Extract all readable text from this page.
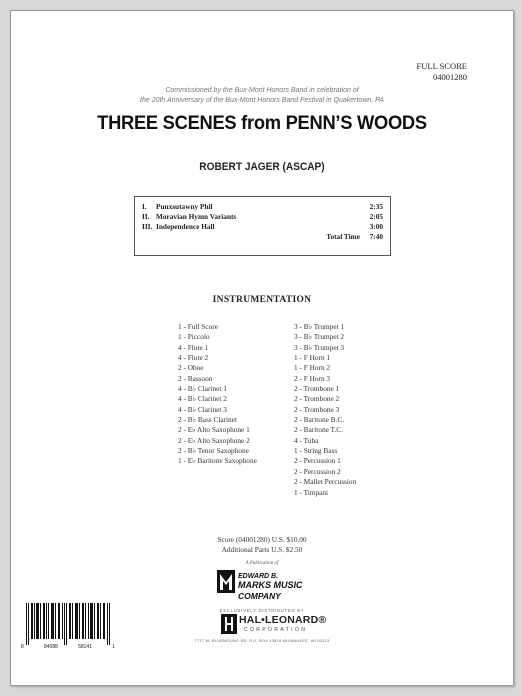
FULL SCORE
04001280
Commissioned by the Bux-Mont Honors Band in celebration of
the 20th Anniversary of the Bux-Mont Honors Band Festival in Quakertown, PA
THREE SCENES from PENN’S WOODS
ROBERT JAGER (ASCAP)
I. Punxsutawny Phil	2:35
II. Moravian Hymn Variants	2:05
III. Independence Hall	3:00
Total Time 7:40
INSTRUMENTATION
1 - Full Score
1 - Piccolo
4 - Flute 1
4 - Flute 2
2 - Oboe
2 - Bassoon
4 - B♭ Clarinet 1
4 - B♭ Clarinet 2
4 - B♭ Clarinet 3
2 - B♭ Bass Clarinet
2 - E♭ Alto Saxophone 1
2 - E♭ Alto Saxophone 2
2 - B♭ Tenor Saxophone
1 - E♭ Baritone Saxophone
3 - B♭ Trumpet 1
3 - B♭ Trumpet 2
3 - B♭ Trumpet 3
1 - F Horn 1
1 - F Horn 2
2 - F Horn 3
2 - Trombone 1
2 - Trombone 2
2 - Trombone 3
2 - Baritone B.C.
2 - Baritone T.C.
4 - Tuba
1 - String Bass
2 - Percussion 1
2 - Percussion 2
2 - Mallet Percussion
1 - Timpani
Score (04001280) U.S. $10.00
Additional Parts U.S. $2.50
A Publication of
EDWARD B.
MARKS MUSIC
COMPANY
EXCLUSIVELY DISTRIBUTED BY
HAL•LEONARD®
CORPORATION
7777 W. BLUEMOUND RD. P.O. BOX 13819 MILWAUKEE, WI 53213
8	84088	58141	1
